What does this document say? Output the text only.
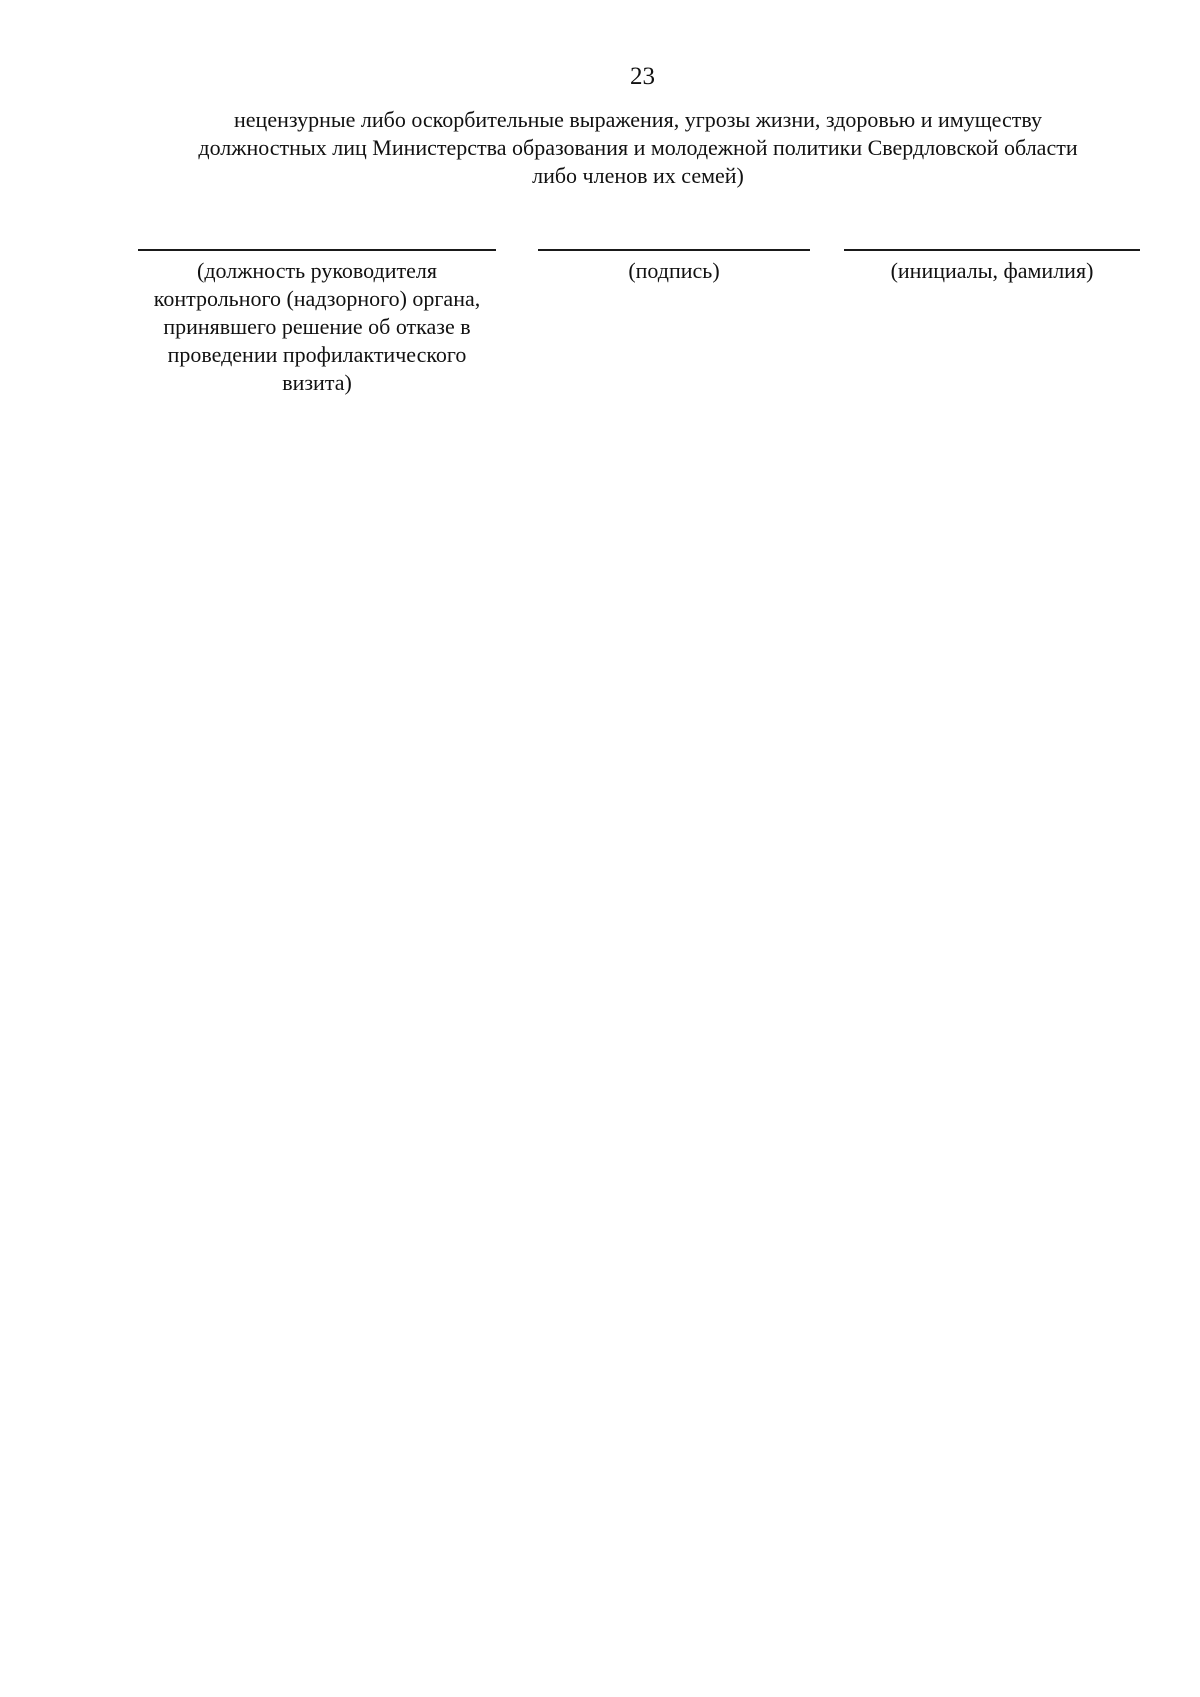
23
нецензурные либо оскорбительные выражения, угрозы жизни, здоровью и имуществу
должностных лиц Министерства образования и молодежной политики Свердловской области
либо членов их семей)
(должность руководителя
контрольного (надзорного) органа,
принявшего решение об отказе в
проведении профилактического
визита)
(подпись)	(инициалы, фамилия)
